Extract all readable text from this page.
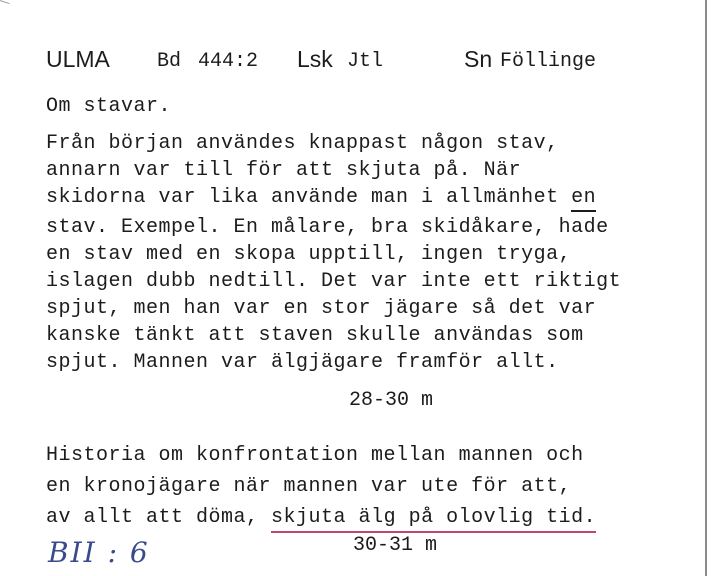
ULMA Bd 444:2 Lsk Jtl	Sn Föllinge
Om stavar.
Från början användes knappast någon stav,
annarn var till för att skjuta på. När
skidorna var lika använde man i allmänhet en
stav. Exempel. En målare, bra skidåkare, hade
en stav med en skopa upptill, ingen tryga,
islagen dubb nedtill. Det var inte ett riktigt
spjut, men han var en stor jägare så det var
kanske tänkt att staven skulle användas som
spjut. Mannen var älgjägare framför allt.
28-30 m
Historia om konfrontation mellan mannen och
en kronojägare när mannen var ute för att,
av allt att döma, skjuta älg på olovlig tid.
30-31 m
BII : 6
